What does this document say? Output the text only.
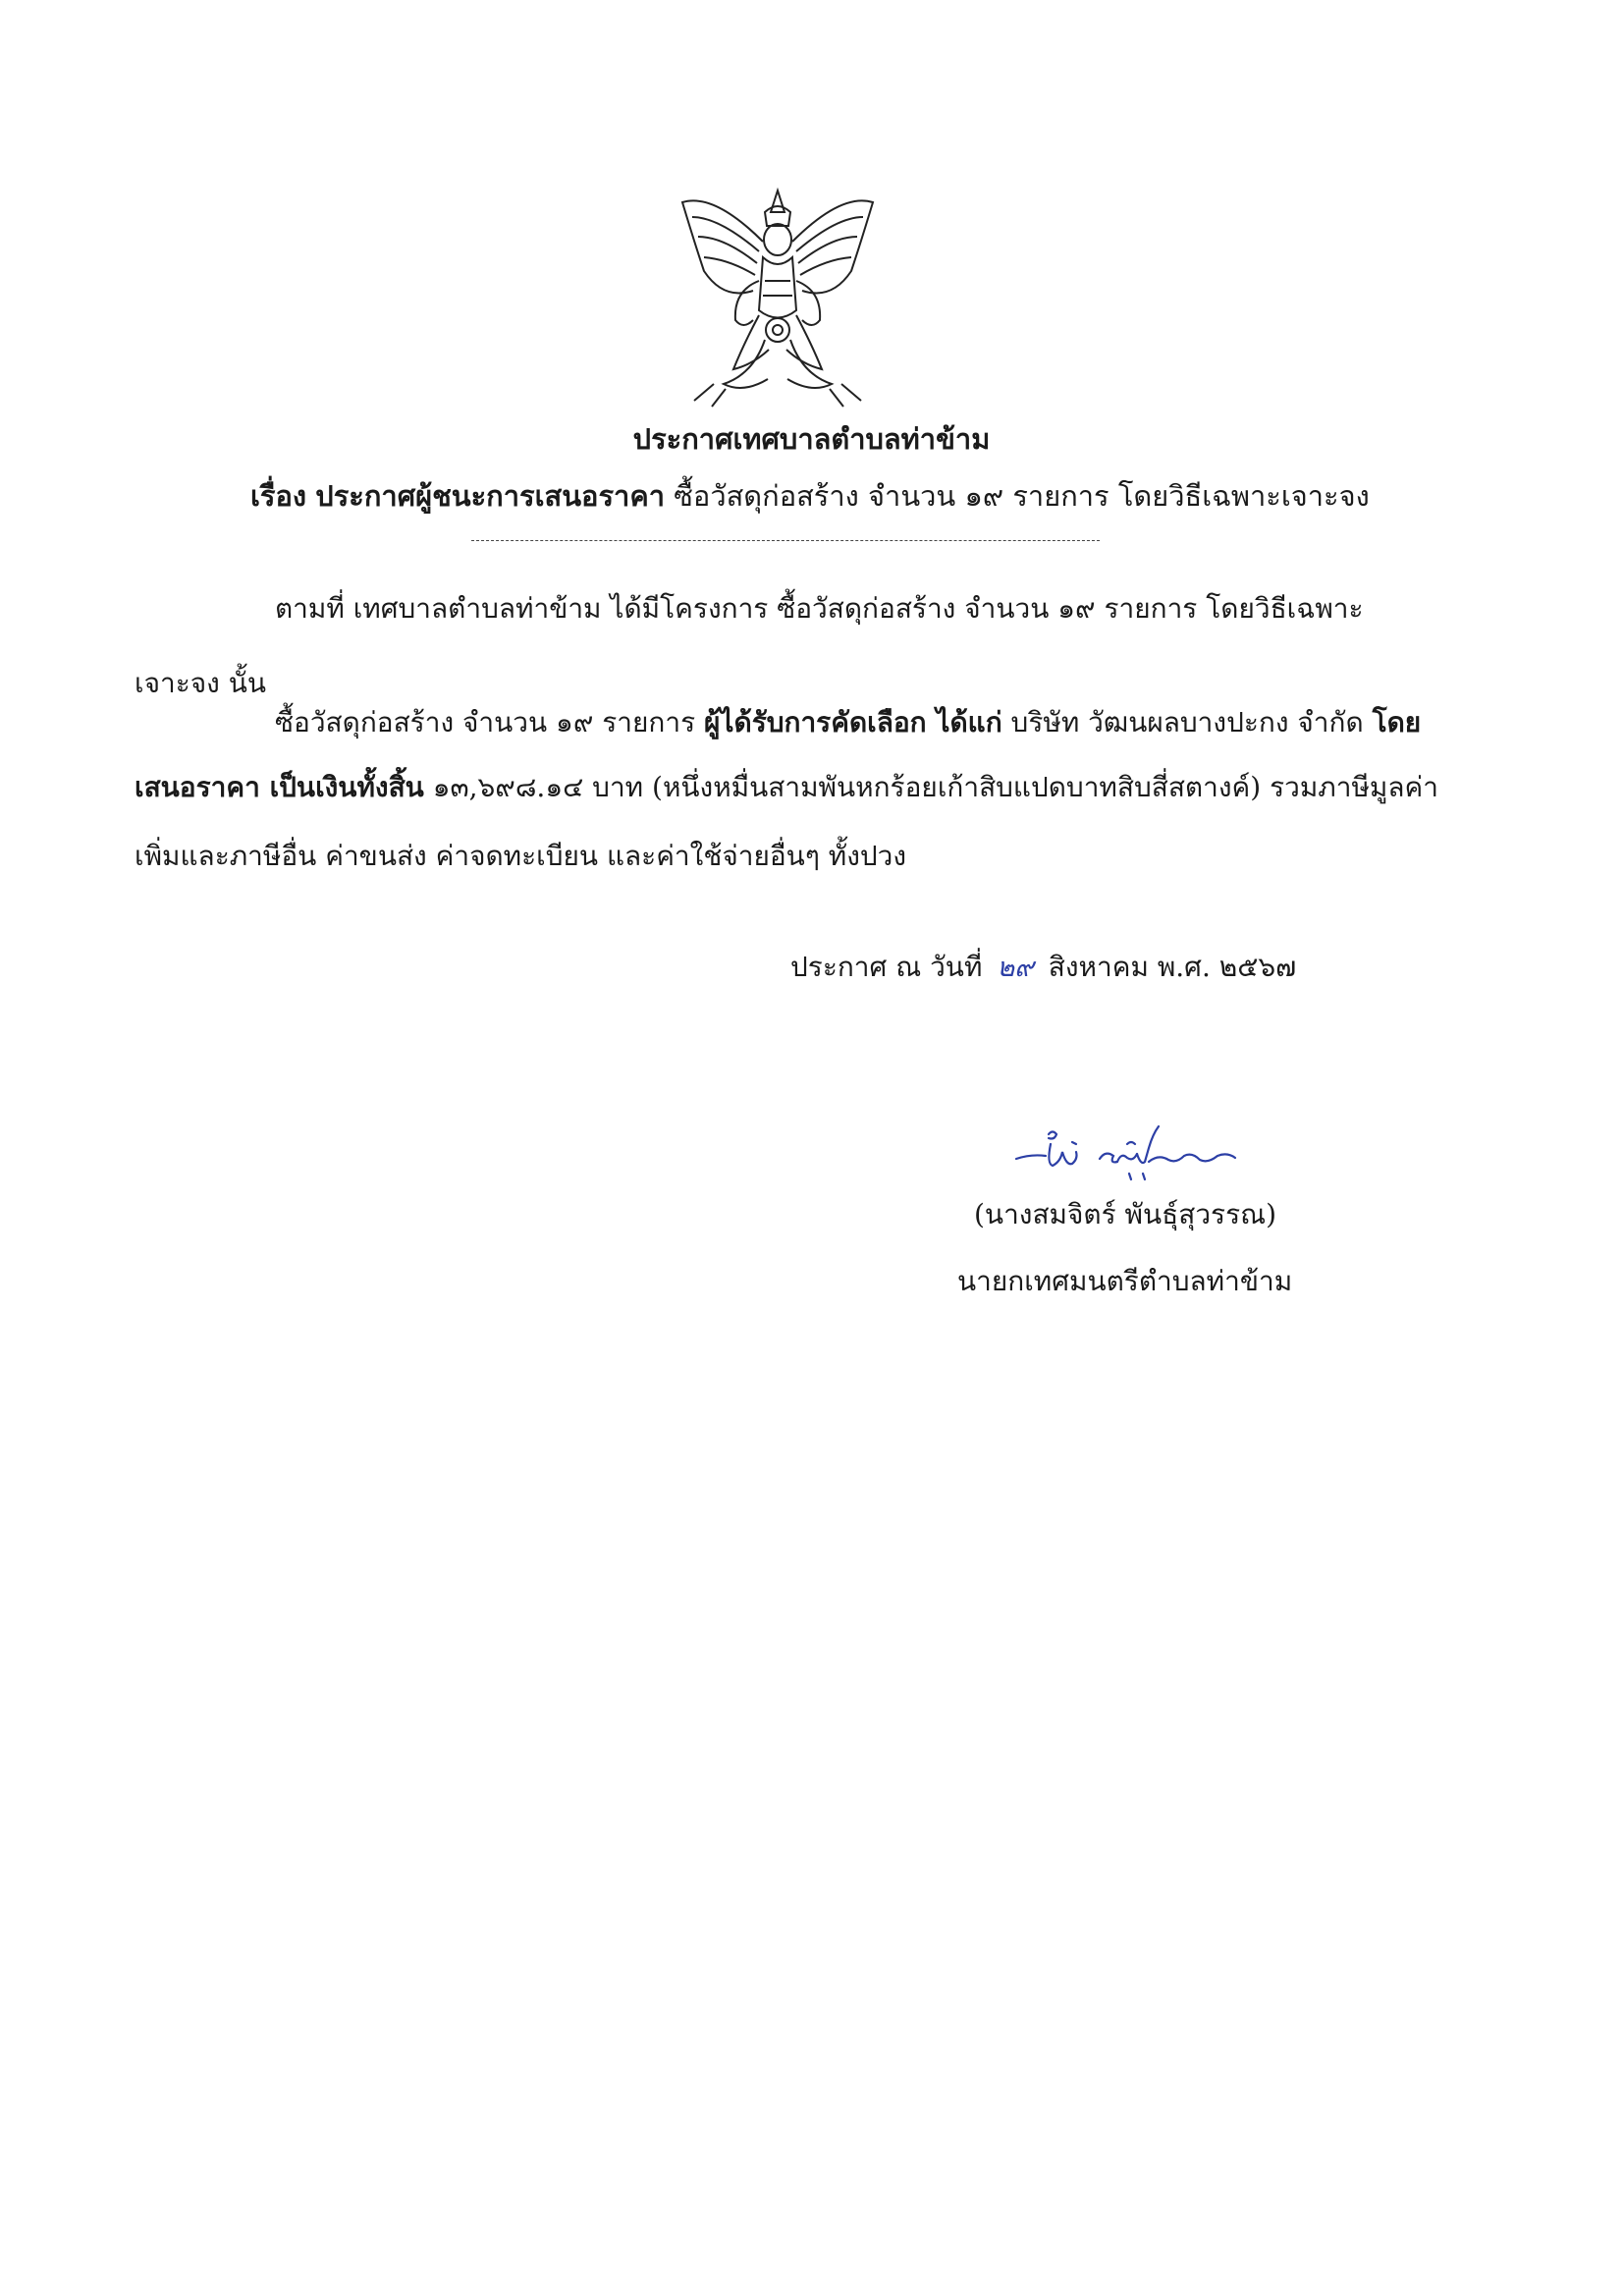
ประกาศเทศบาลตำบลท่าข้าม
เรื่อง ประกาศผู้ชนะการเสนอราคา ซื้อวัสดุก่อสร้าง จำนวน ๑๙ รายการ โดยวิธีเฉพาะเจาะจง
ตามที่ เทศบาลตำบลท่าข้าม ได้มีโครงการ ซื้อวัสดุก่อสร้าง จำนวน ๑๙ รายการ โดยวิธีเฉพาะ
เจาะจง นั้น
ซื้อวัสดุก่อสร้าง จำนวน ๑๙ รายการ ผู้ได้รับการคัดเลือก ได้แก่ บริษัท วัฒนผลบางปะกง จำกัด โดย
เสนอราคา เป็นเงินทั้งสิ้น ๑๓,๖๙๘.๑๔ บาท (หนึ่งหมื่นสามพันหกร้อยเก้าสิบแปดบาทสิบสี่สตางค์) รวมภาษีมูลค่า
เพิ่มและภาษีอื่น ค่าขนส่ง ค่าจดทะเบียน และค่าใช้จ่ายอื่นๆ ทั้งปวง
ประกาศ ณ วันที่ ๒๙ สิงหาคม พ.ศ. ๒๕๖๗
(นางสมจิตร์ พันธุ์สุวรรณ)
นายกเทศมนตรีตำบลท่าข้าม
